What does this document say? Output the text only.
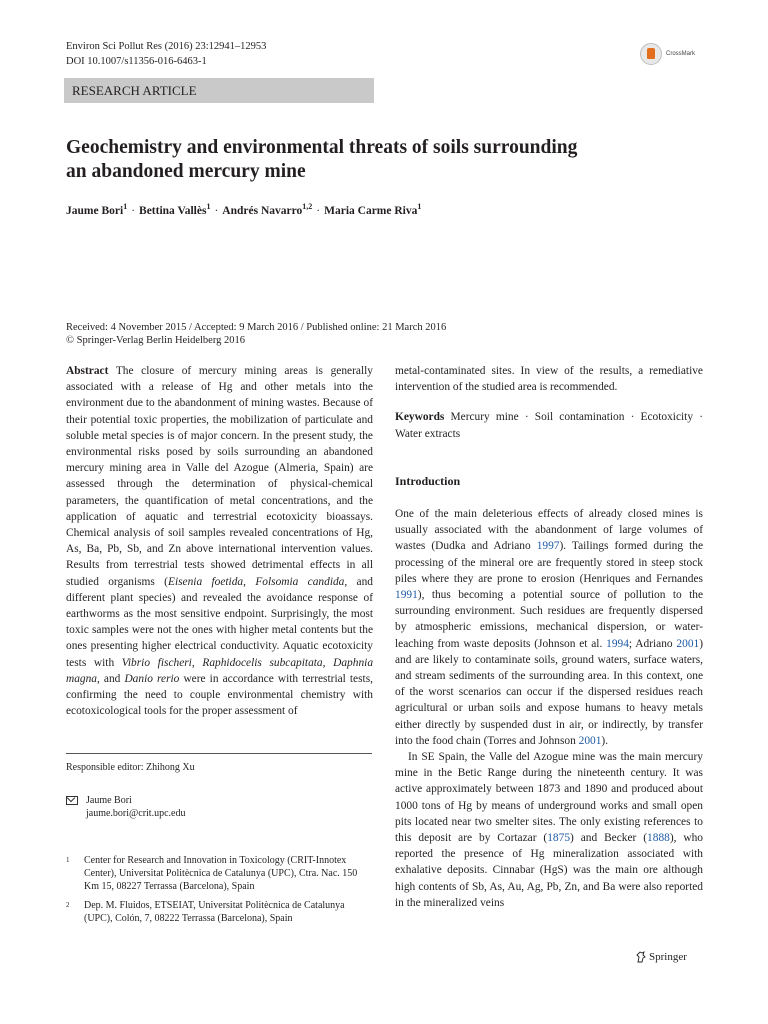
Environ Sci Pollut Res (2016) 23:12941–12953
DOI 10.1007/s11356-016-6463-1
CrossMark
RESEARCH ARTICLE
Geochemistry and environmental threats of soils surrounding
an abandoned mercury mine
Jaume Bori$^1$ · Bettina Vallès$^1$ · Andrés Navarro$^{1,2}$ · Maria Carme Riva$^1$
Received: 4 November 2015 / Accepted: 9 March 2016 / Published online: 21 March 2016
© Springer-Verlag Berlin Heidelberg 2016

Abstract The closure of mercury mining areas is generally associated with a release of Hg and other metals into the environment due to the abandonment of mining wastes. Because of their potential toxic properties, the mobilization of particulate and soluble metal species is of major concern. In the present study, the environmental risks posed by soils surrounding an abandoned mercury mining area in Valle del Azogue (Almeria, Spain) are assessed through the determination of physical-chemical parameters, the quantification of metal concentrations, and the application of aquatic and terrestrial ecotoxicity bioassays. Chemical analysis of soil samples revealed concentrations of Hg, As, Ba, Pb, Sb, and Zn above international intervention values. Results from terrestrial tests showed detrimental effects in all studied organisms (Eisenia foetida, Folsomia candida, and different plant species) and revealed the avoidance response of earthworms as the most sensitive endpoint. Surprisingly, the most toxic samples were not the ones with higher metal contents but the ones presenting higher electrical conductivity. Aquatic ecotoxicity tests with Vibrio fischeri, Raphidocelis subcapitata, Daphnia magna, and Danio rerio were in accordance with terrestrial tests, confirming the need to couple environmental chemistry with ecotoxicological tools for the proper assessment of

Responsible editor: Zhihong Xu
Jaume Bori
jaume.bori@crit.upc.edu
1 Center for Research and Innovation in Toxicology (CRIT-Innotex Center), Universitat Politècnica de Catalunya (UPC), Ctra. Nac. 150 Km 15, 08227 Terrassa (Barcelona), Spain
2 Dep. M. Fluidos, ETSEIAT, Universitat Politècnica de Catalunya (UPC), Colón, 7, 08222 Terrassa (Barcelona), Spain

metal-contaminated sites. In view of the results, a remediative intervention of the studied area is recommended.

Keywords Mercury mine · Soil contamination · Ecotoxicity · Water extracts

Introduction

One of the main deleterious effects of already closed mines is usually associated with the abandonment of large volumes of wastes (Dudka and Adriano 1997). Tailings formed during the processing of the mineral ore are frequently stored in steep stock piles where they are prone to erosion (Henriques and Fernandes 1991), thus becoming a potential source of pollution to the surrounding environment. Such residues are frequently dispersed by atmospheric emissions, mechanical dispersion, or water-leaching from waste deposits (Johnson et al. 1994; Adriano 2001) and are likely to contaminate soils, ground waters, surface waters, and stream sediments of the surrounding area. In this context, one of the worst scenarios can occur if the dispersed residues reach agricultural or urban soils and expose humans to heavy metals either directly by suspended dust in air, or indirectly, by transfer into the food chain (Torres and Johnson 2001).

In SE Spain, the Valle del Azogue mine was the main mercury mine in the Betic Range during the nineteenth century. It was active approximately between 1873 and 1890 and produced about 1000 tons of Hg by means of underground works and small open pits located near two smelter sites. The only existing references to this deposit are by Cortazar (1875) and Becker (1888), who reported the presence of Hg mineralization associated with exhalative deposits. Cinnabar (HgS) was the main ore although high contents of Sb, As, Au, Ag, Pb, Zn, and Ba were also reported in the mineralized veins

Springer
